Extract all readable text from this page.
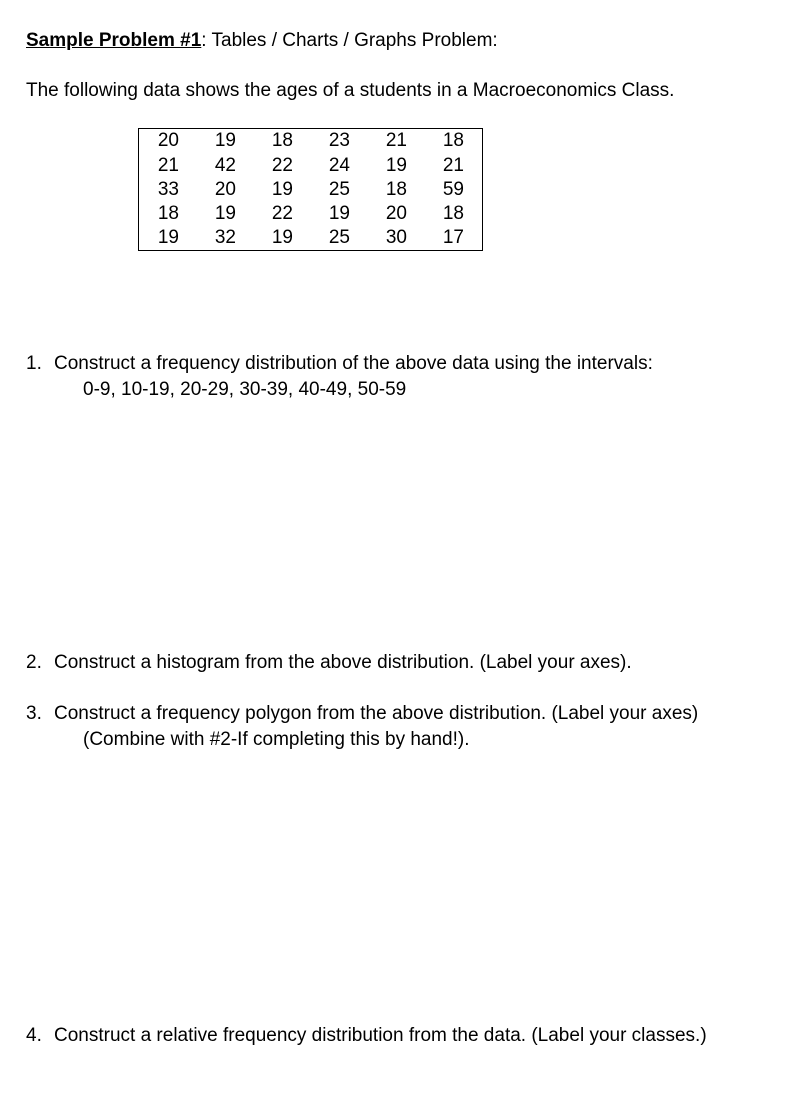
Sample Problem #1: Tables / Charts / Graphs Problem:
The following data shows the ages of a students in a Macroeconomics Class.
20	19	18	23	21	18
21	42	22	24	19	21
33	20	19	25	18	59
18	19	22	19	20	18
19	32	19	25	30	17
1. Construct a frequency distribution of the above data using the intervals:
0-9, 10-19, 20-29, 30-39, 40-49, 50-59
2. Construct a histogram from the above distribution. (Label your axes).
3. Construct a frequency polygon from the above distribution. (Label your axes)
(Combine with #2-If completing this by hand!).
4. Construct a relative frequency distribution from the data. (Label your classes.)
